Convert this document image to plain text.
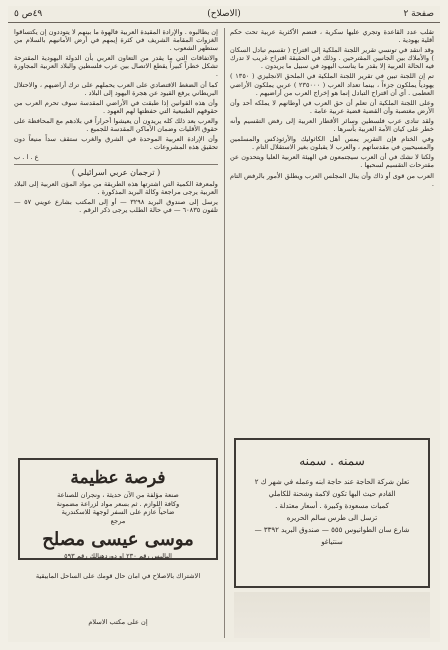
٤٩ص ٥	(الاصلاح)	صفحة ٢

تقلب عدد القاعدة وتجري عليها سكرية ، فتضم الأكثرية عربية تحت حكم أقلية يهودية .

وقد انتقد في تونسي تقرير اللجنة الملكية إلى اقتراح ( تقسيم تبادل السكان ) والأملاك بين الجانبين المقترحين . وذلك في الحقيقة اقتراح غريب لا تدرك فيه الحالة العربية إلا بقدر ما يناسب اليهود في سبيل ما يريدون .

تم إن اللجنة تبين في تقرير اللجنة الملكية في الملحق الانجليزي ( ١٣٥٠ ) يهودياً يملكون جزءاً ، بينما تعداد العرب ( ٢٣٥٠٠٠ ) عربي يملكون الأراضي العظمى . أي أن اقتراح التبادل إنما هو إخراج العرب من أراضيهم .

وعلى اللجنة الملكية أن تعلم أن حق العرب في أوطانهم لا يملكه أحد وأن الأرض مغتصبة وأن القضية قضية عربية عامة .

ولقد تنادى عرب فلسطين وسائر الأقطار العربية إلى رفض التقسيم وأنه خطر على كيان الأمة العربية بأسرها .

وفي الختام فإن التقرير يمس أهل الكاثوليك والأرثوذكس والمسلمين والمسيحيين في مقدساتهم ، والعرب لا يقبلون بغير الاستقلال التام .

ولكنا لا نشك في أن العرب سيجتمعون في الهيئة العربية العليا ويتحدون عن مقترحات التقسيم لسحبها .

العرب من قوى أو ذاك وأن ينال المجلس العرب ويطلق الأمور بالرفض التام .

إن يطالبوه . والإرادة المقيدة العربية فالهوة ما بينهم لا يتوددون إن يكتساقوا الغزوات المقامة الشريف في كثرة إيمهم في أرض الأمانيهم بالسلام من ستظهر الشعوب .

والاتفاقات التي ما يقدر من التعاون العربي بأن الدولة اليهودية المقترحة تشكل خطراً كبيراً يقطع الاتصال بين عرب فلسطين والبلاد العربية المجاورة .

كما أن الضغط الاقتصادي على العرب يحملهم على ترك أراضيهم ، والاحتلال البريطاني يرفع القيود عن هجرة اليهود إلى البلاد .

وأن هذه القوانين إذا طبقت في الأراضي المقدسة سوف تحرم العرب من حقوقهم الطبيعية التي حفظتها لهم العهود .

والعرب بعد ذلك كله يريدون أن يعيشوا أحراراً في بلادهم مع المحافظة على حقوق الأقليات وضمان الأماكن المقدسة للجميع .

وأن الإرادة العربية الموحدة في الشرق والغرب ستقف سداً منيعاً دون تحقيق هذه المشروعات .

ع . ا . ب
( ترجمان عربي اسرائيلي )

ولمعرفة الكمية التي اشترتها هذه الطريقة من مواد المؤن العربية إلى البلاد العربية يرجى مراجعة وكالة البريد المذكورة .

يرسل إلى صندوق البريد ٣٢٩٨ — أو إلى المكتب بشارع عويني ٥٧ — تلفون ٦٠٨٣٥ — في حالة الطلب يرجى ذكر الرقم .

سمنه . سمنه
تعلن شركة الحاجة عند حاجة ابنه وعمله في شهر ك ٢
القادم حيث البها تكون لاكمة وشحنة للكاملي
كميات مسعودة وكبيرة . أسعار معتدلة .
ترسل الى طرس سالم الحريره
شارع سان الطوانيوس ٥٥٥ — صندوق البريد ٣٣٩٢ — سنتياغو
فرصة عظيمة
صنعة مؤلفة من الآن حديثة ، ونجران للصناعة
وكافة اللوازم . ثم بسعر مواد لزراعة مضمونة
ضاحياً عازم على السفر لوجهة للاسكندرية
مرجع
موسى عيسى مصلح
الباليس رقم ٢٣٠ او دوردهنالك رقم ٥٩٣
الاشتراك بالاصلاح في امان حال قومك على الساحل المابيقية
إن على مكتب الاسلام
